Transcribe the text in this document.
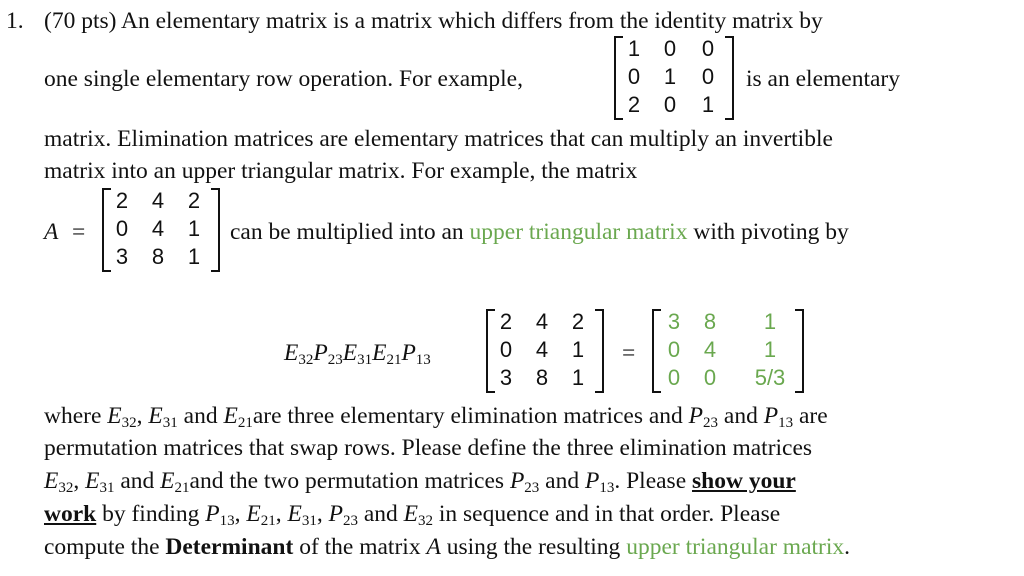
1. (70 pts) An elementary matrix is a matrix which differs from the identity matrix by
one single elementary row operation. For example,
1	0	0
0	1	0
2	0	1
is an elementary
matrix. Elimination matrices are elementary matrices that can multiply an invertible
matrix into an upper triangular matrix. For example, the matrix
A =
2	4	2
0	4	1
3	8	1
can be multiplied into an upper triangular matrix with pivoting by
$E_{32}P_{23}E_{31}E_{21}P_{13}$
2	4	2
0	4	1
3	8	1
=
3	8	1
0	4	1
0	0	5/3
where $E_{32}$, $E_{31}$ and $E_{21}are$ three elementary elimination matrices and $P_{23}$ and $P_{13}$ are
permutation matrices that swap rows. Please define the three elimination matrices
$E_{32}$, $E_{31}$ and $E_{21}and$ the two permutation matrices $P_{23}$ and $P_{13}$. Please show your
work by finding $P_{13}$, $E_{21}$, $E_{31}$, $P_{23}$ and $E_{32}$ in sequence and in that order. Please
compute the Determinant of the matrix A using the resulting upper triangular matrix.
